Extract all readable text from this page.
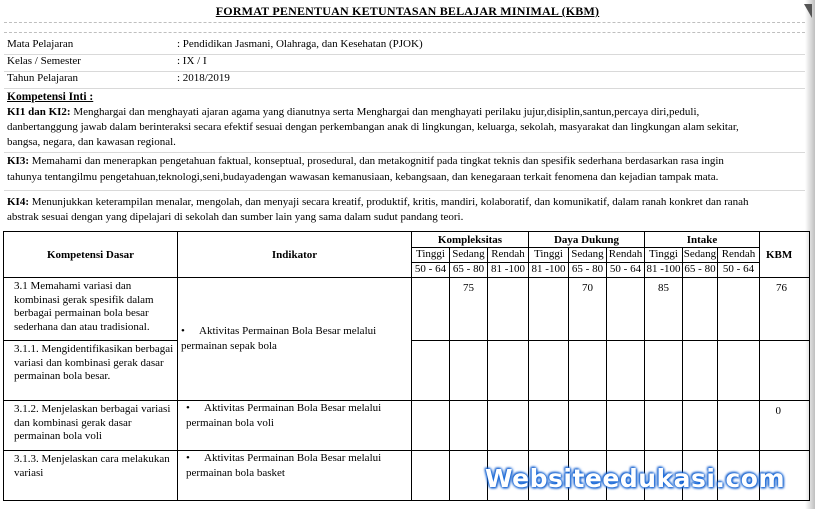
FORMAT PENENTUAN KETUNTASAN BELAJAR MINIMAL (KBM)
Mata Pelajaran	: Pendidikan Jasmani, Olahraga, dan Kesehatan (PJOK)
Kelas / Semester	: IX / I
Tahun Pelajaran	: 2018/2019
Kompetensi Inti :
KI1 dan KI2: Menghargai dan menghayati ajaran agama yang dianutnya serta Menghargai dan menghayati perilaku jujur,disiplin,santun,percaya diri,peduli,
danbertanggung jawab dalam berinteraksi secara efektif sesuai dengan perkembangan anak di lingkungan, keluarga, sekolah, masyarakat dan lingkungan alam sekitar,
bangsa, negara, dan kawasan regional.
KI3: Memahami dan menerapkan pengetahuan faktual, konseptual, prosedural, dan metakognitif pada tingkat teknis dan spesifik sederhana berdasarkan rasa ingin
tahunya tentangilmu pengetahuan,teknologi,seni,budayadengan wawasan kemanusiaan, kebangsaan, dan kenegaraan terkait fenomena dan kejadian tampak mata.
KI4: Menunjukkan keterampilan menalar, mengolah, dan menyaji secara kreatif, produktif, kritis, mandiri, kolaboratif, dan komunikatif, dalam ranah konkret dan ranah
abstrak sesuai dengan yang dipelajari di sekolah dan sumber lain yang sama dalam sudut pandang teori.
Kompetensi Dasar	Indikator	Kompleksitas			Daya Dukung			Intake			KBM
		Tinggi	Sedang	Rendah	Tinggi	Sedang	Rendah	Tinggi	Sedang	Rendah	
		50 - 64	65 - 80	81 -100	81 -100	65 - 80	50 - 64	81 -100	65 - 80	50 - 64	
3.1 Memahami variasi dan kombinasi gerak spesifik dalam berbagai permainan bola besar sederhana dan atau tradisional.	• Aktivitas Permainan Bola Besar melalui permainan sepak bola		75			70		85			76
3.1.1. Mengidentifikasikan berbagai variasi dan kombinasi gerak dasar permainan bola besar.											
3.1.2. Menjelaskan berbagai variasi dan kombinasi gerak dasar permainan bola voli	• Aktivitas Permainan Bola Besar melalui permainan bola voli										0
3.1.3. Menjelaskan cara melakukan variasi	• Aktivitas Permainan Bola Besar melalui permainan bola basket											Websiteedukasi.com
